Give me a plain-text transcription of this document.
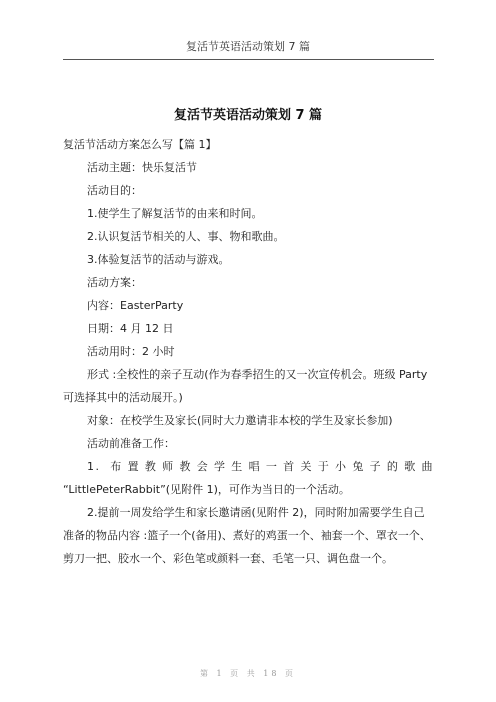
复活节英语活动策划 7 篇
复活节英语活动策划 7 篇

复活节活动方案怎么写【篇 1】

活动主题：快乐复活节

活动目的：

1.使学生了解复活节的由来和时间。

2.认识复活节相关的人、事、物和歌曲。

3.体验复活节的活动与游戏。

活动方案：

内容：EasterParty

日期：4 月 12 日

活动用时：2 小时

形式 :全校性的亲子互动(作为春季招生的又一次宣传机会。班级 Party 可选择其中的活动展开。)

对象：在校学生及家长(同时大力邀请非本校的学生及家长参加)

活动前准备工作：

1. 布置教师教会学生唱一首关于小兔子的歌曲

“LittlePeterRabbit”(见附件 1)，可作为当日的一个活动。

2.提前一周发给学生和家长邀请函(见附件 2)，同时附加需要学生自己准备的物品内容 :篮子一个(备用)、煮好的鸡蛋一个、袖套一个、罩衣一个、剪刀一把、胶水一个、彩色笔或颜料一套、毛笔一只、调色盘一个。

第 1 页 共 18 页
